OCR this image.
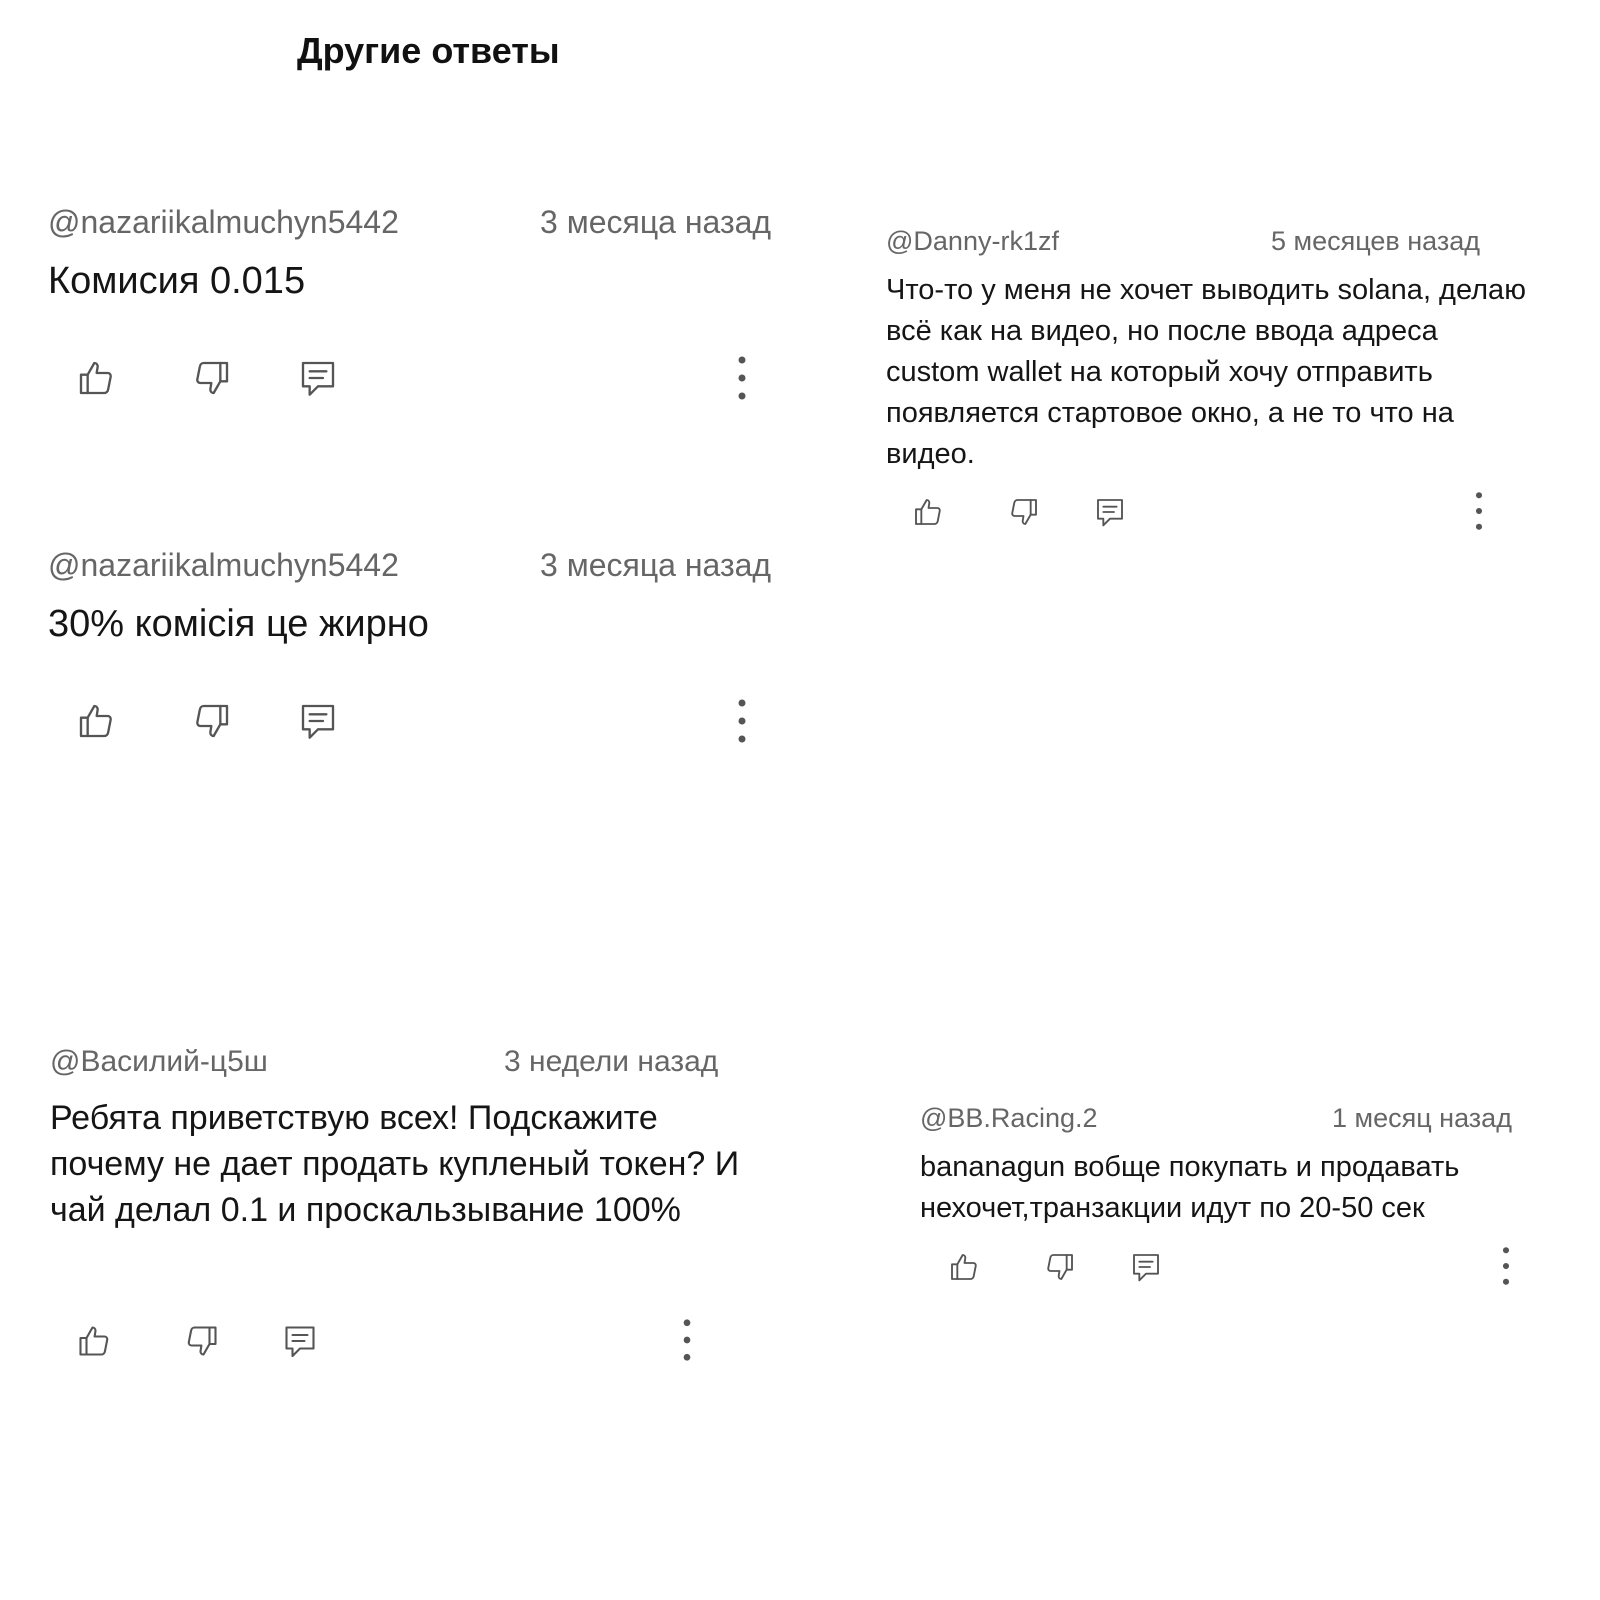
Другие ответы
@nazariikalmuchyn5442	3 месяца назад
Комисия 0.015
@nazariikalmuchyn5442	3 месяца назад
30% комісія це жирно
@Василий-ц5ш	3 недели назад
Ребята приветствую всех! Подскажите почему не дает продать купленый токен? И чай делал 0.1 и проскальзывание 100%
@Danny-rk1zf	5 месяцев назад
Что-то у меня не хочет выводить solana, делаю всё как на видео, но после ввода адреса custom wallet на который хочу отправить появляется стартовое окно, а не то что на видео.
@BB.Racing.2	1 месяц назад
bananagun вобще покупать и продавать нехочет,транзакции идут по 20-50 сек
